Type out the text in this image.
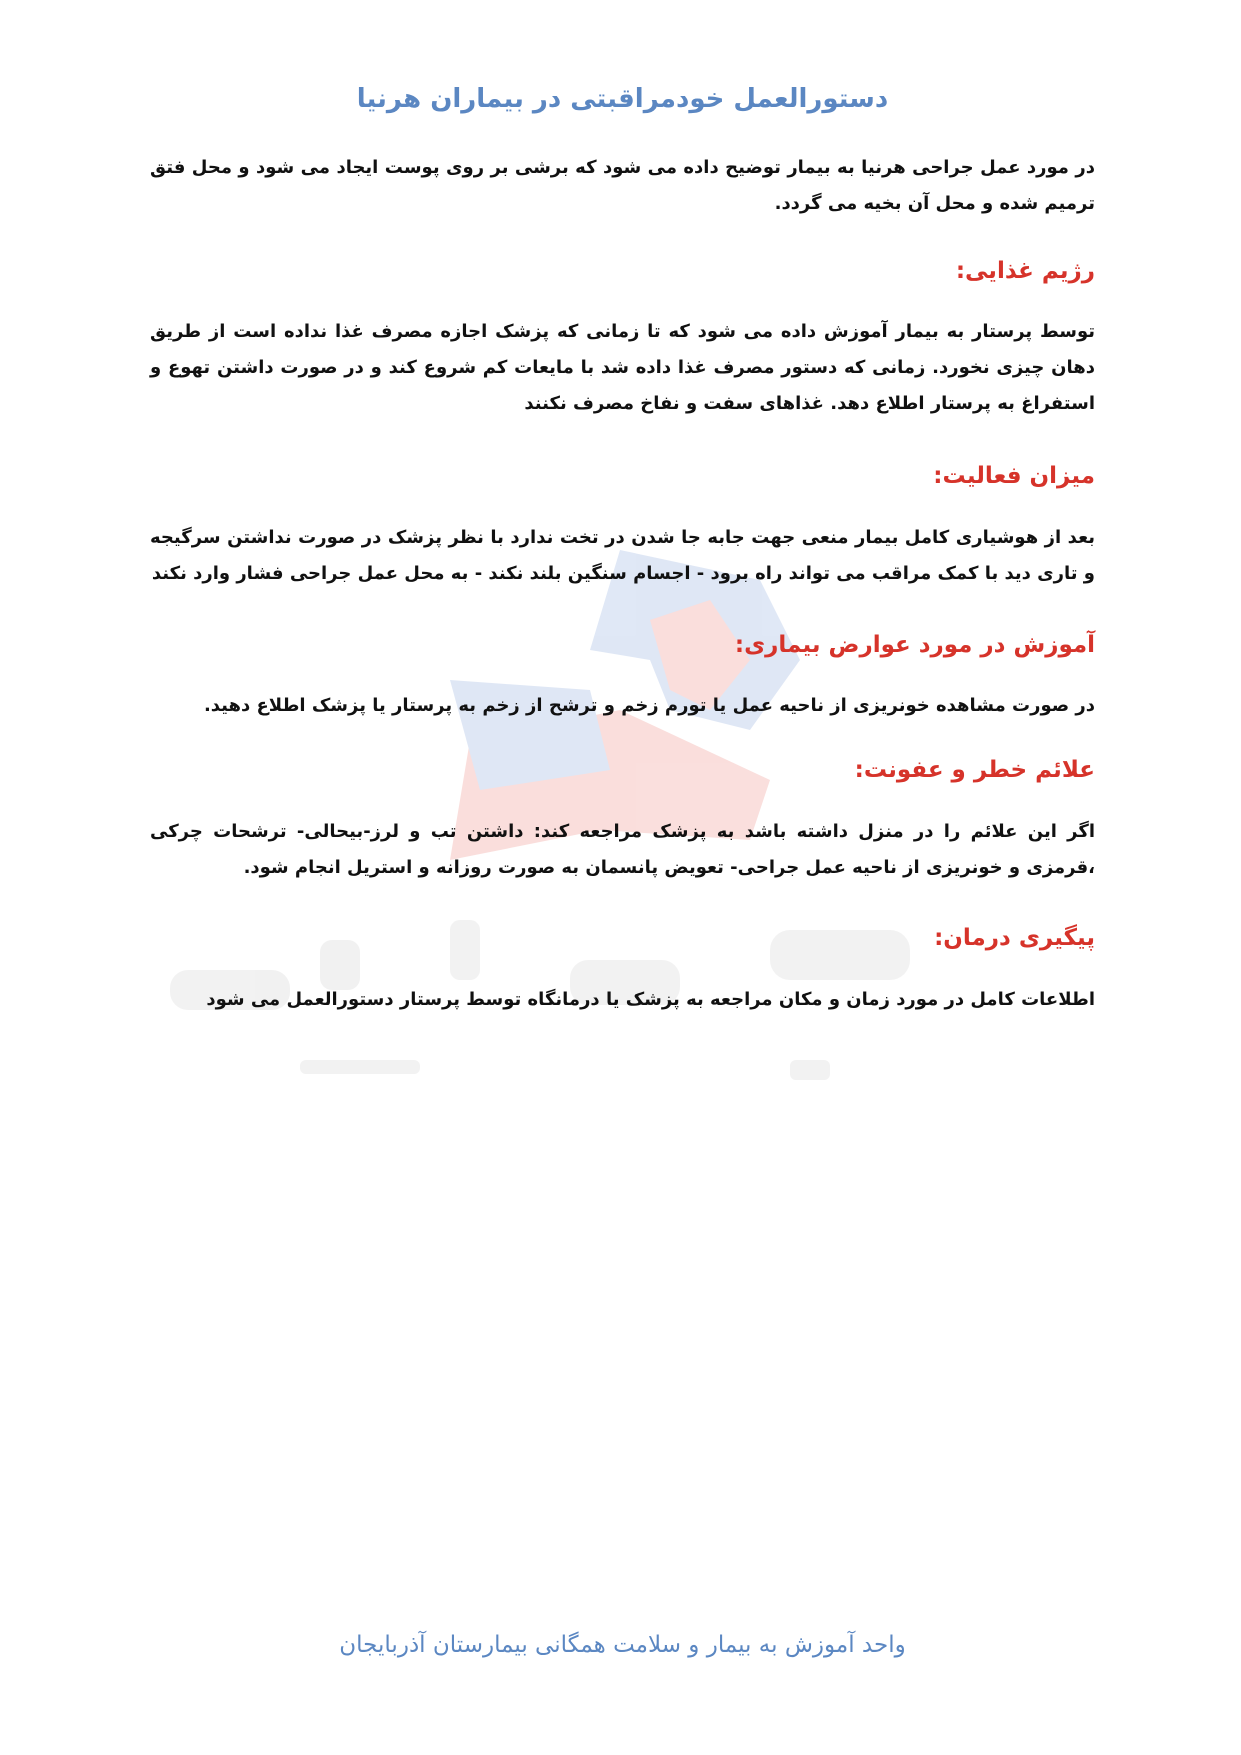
دستورالعمل خودمراقبتی در بیماران هرنیا

در مورد عمل جراحی هرنیا به بیمار توضیح داده می شود که برشی بر روی پوست ایجاد می شود و محل فتق ترمیم شده و محل آن بخیه می گردد.

رژیم غذایی:

توسط پرستار به بیمار آموزش داده می شود که تا زمانی که پزشک اجازه مصرف غذا نداده است از طریق دهان چیزی نخورد. زمانی که دستور مصرف غذا داده شد با مایعات کم شروع کند و در صورت داشتن تهوع و استفراغ به پرستار اطلاع دهد. غذاهای سفت و نفاخ مصرف نکنند

میزان فعالیت:

بعد از هوشیاری کامل بیمار منعی جهت جابه جا شدن در تخت ندارد با نظر پزشک در صورت نداشتن سرگیجه و تاری دید با کمک مراقب می تواند راه برود - اجسام سنگین بلند نکند - به محل عمل جراحی فشار وارد نکند

آموزش در مورد عوارض بیماری:

در صورت مشاهده خونریزی از ناحیه عمل یا تورم زخم و ترشح از زخم به پرستار یا پزشک اطلاع دهید.

علائم خطر و عفونت:

اگر این علائم را در منزل داشته باشد به پزشک مراجعه کند: داشتن تب و لرز-بیحالی- ترشحات چرکی ،قرمزی و خونریزی از ناحیه عمل جراحی- تعویض پانسمان به صورت روزانه و استریل انجام شود.

پیگیری درمان:

اطلاعات کامل در مورد زمان و مکان مراجعه به پزشک یا درمانگاه توسط پرستار دستورالعمل می شود

واحد آموزش به بیمار و سلامت همگانی بیمارستان آذربایجان
